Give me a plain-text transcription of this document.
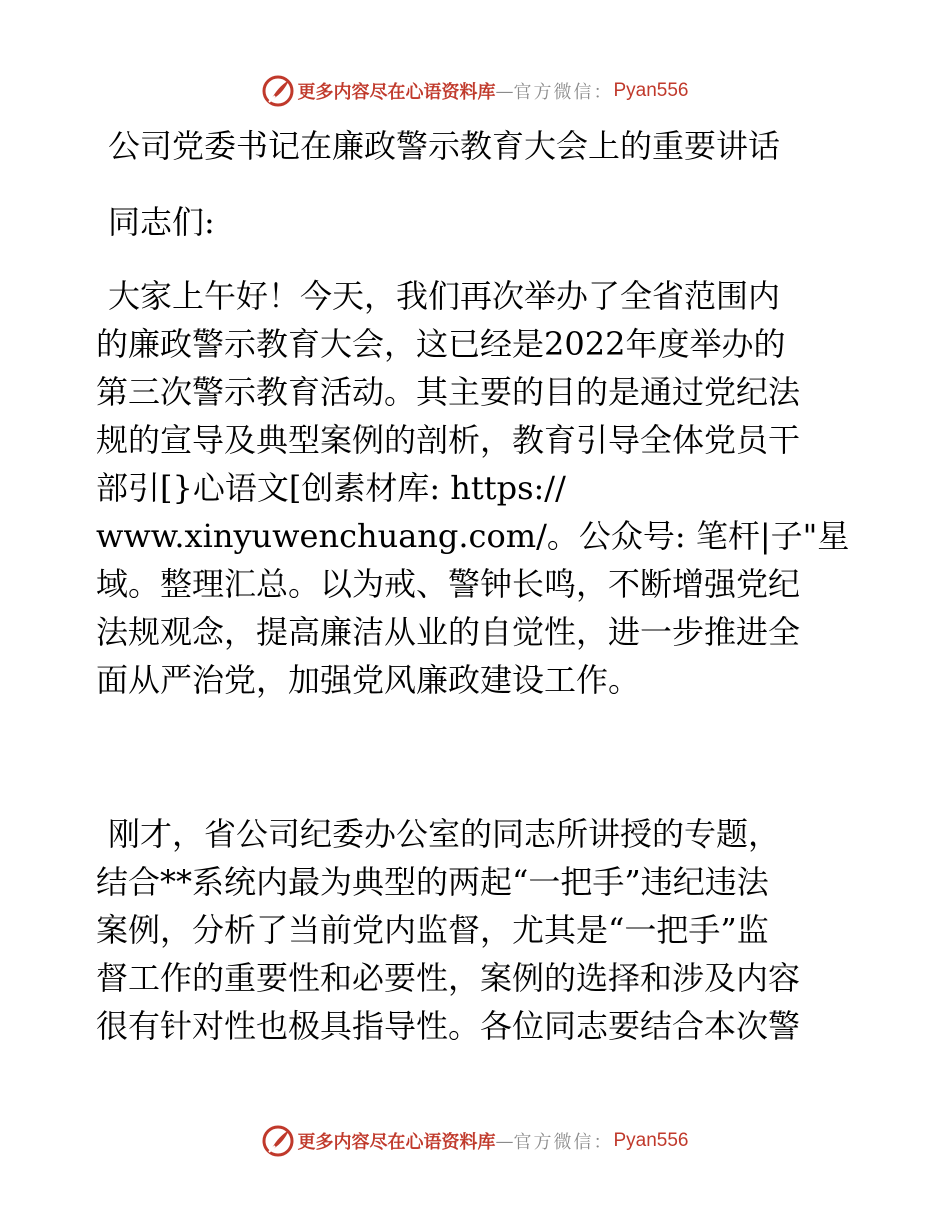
更多内容尽在心语资料库 — 官方微信： Pyan556
公司党委书记在廉政警示教育大会上的重要讲话
同志们:
大家上午好！今天，我们再次举办了全省范围内
的廉政警示教育大会，这已经是2022年度举办的
第三次警示教育活动。其主要的目的是通过党纪法
规的宣导及典型案例的剖析，教育引导全体党员干
部引[}心语文[创素材库: https://
www.xinyuwenchuang.com/。公众号: 笔杆|子"星
域。整理汇总。以为戒、警钟长鸣，不断增强党纪
法规观念，提高廉洁从业的自觉性，进一步推进全
面从严治党，加强党风廉政建设工作。
刚才，省公司纪委办公室的同志所讲授的专题，
结合**系统内最为典型的两起“一把手”违纪违法
案例，分析了当前党内监督，尤其是“一把手”监
督工作的重要性和必要性，案例的选择和涉及内容
很有针对性也极具指导性。各位同志要结合本次警
更多内容尽在心语资料库 — 官方微信： Pyan556
